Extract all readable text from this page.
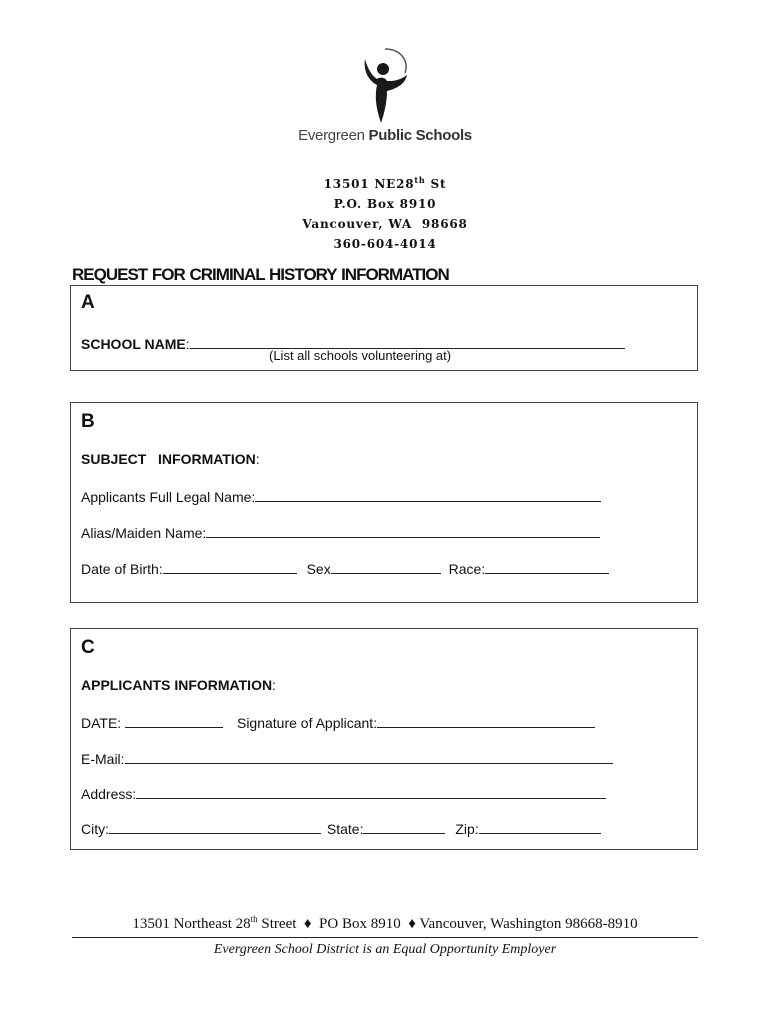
Evergreen Public Schools
13501 NE28th St
P.O. Box 8910
Vancouver, WA  98668
360-604-4014
REQUEST FOR CRIMINAL HISTORY INFORMATION
A
SCHOOL NAME:
(List all schools volunteering at)
B
SUBJECT   INFORMATION:
Applicants Full Legal Name:
Alias/Maiden Name:
Date of Birth:	Sex	Race:
C
APPLICANTS INFORMATION:
DATE:	Signature of Applicant:
E-Mail:
Address:
City:	State:	Zip:
13501 Northeast 28th Street  ♦  PO Box 8910  ♦ Vancouver, Washington 98668-8910
Evergreen School District is an Equal Opportunity Employer
